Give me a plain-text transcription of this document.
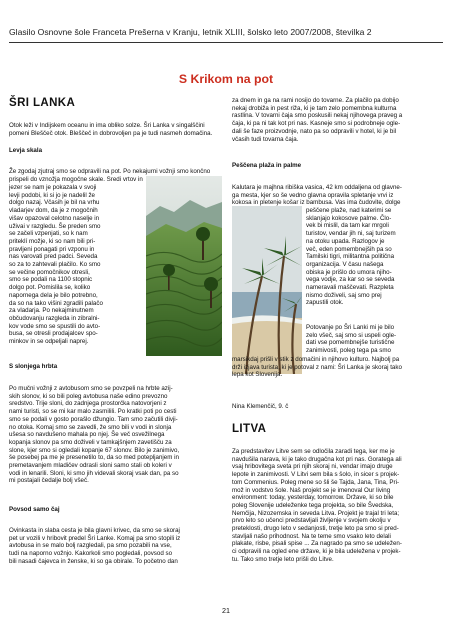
Glasilo Osnovne šole Franceta Prešerna v Kranju, letnik XLIII, šolsko leto 2007/2008, številka 2
S Krikom na pot
ŠRI LANKA
Otok leži v Indijskem oceanu in ima obliko solze. Šri Lanka v singalščini pomeni Bleščeč otok. Bleščeč in dobrovoljen pa je tudi nasmeh domačina.
Levja skala
Že zgodaj zjutraj smo se odpravili na pot. Po nekajurni vožnji smo končno prispeli do vznožja mogočne skale. Sredi vrtov in
jezer se nam je pokazala v svoji
levji podobi, ki si jo je nadelil že
dolgo nazaj. Včasih je bil na vrhu
vladarjev dom, da je z mogočnih
višav opazoval celotno naselje in
uživai v razgledu. Še preden smo
se začeli vzpenjati, so k nam
priteklí možje, ki so nam bili pri-
pravljeni ponagati pri vzponu in
nas varovati pred padci. Seveda
so za to zahtevali plačilo. Ko smo
se večine pomočnikov otresli,
smo se podali na 1100 stopnic
dolgo pot. Pomislila se, koliko
napornega dela je bilo potrebno,
da so na tako višini zgradili palačo
za vladarja. Po nekajminutnem
občudovanju razgleda in zibralni-
kov vode smo se spustili do avto-
busa, se otresli prodajalcev spo-
minkov in se odpeljali naprej.
S slonjega hrbta
Po mučni vožnji z avtobusom smo se povzpeli na hrbte azij-
skih slonov, ki so bili poleg avtobusa naše edino prevozno
sredstvo. Trije sloni, do zadnjega prostorčka natovorjeni z
nami turisti, so se mi kar malo zasmilili. Po kratki poti po cesti
smo se podali v gosto porašlo džungio. Tam smo začutili divji-
no otoka. Komaj smo se zavedli, že smo bili v vodi in slonja
ušesa so navdušeno mahala po njej. Še več osvežilnega
kopanja slonov pa smo doživeli v tamkajšnjem zavetišču za
slone, kjer smo si ogledali kopanje 67 slonov. Bilo je zanimivo,
še posebej pa me je presenetilo to, da so med potepljanjem in
premetavanjem mladičev odrasli sloni samo stali ob koleri v
vodi in lenarili. Sloni, ki smo jih videvali skoraj vsak dan, pa so
mi postajali čedalje bolj všeč.
Povsod samo čaj
Ovinkasta in slaba cesta je bila glavni krivec, da smo se skoraj
pet ur vozili v hribovit predel Šri Lanke. Komaj pa smo stopili iz
avtobusa in se malo bolj razgledali, pa smo pozabili na vse,
tudi na naporno vožnjo. Kakorkoli smo pogledali, povsod so
bili nasadi čajevca in ženske, ki so ga obirale. To početno dan
za dnem in ga na rami nosijo do tovarne. Za plačilo pa dobijo
nekaj drobiža in pest riža, ki je tam zelo pomembna kulturna
rastlina. V tovarni čaja smo poskusili nekaj njihovega praveg a
čaja, ki pa ni tak kot pri nas. Kasneje smo si podrobneje ogle-
dali še faze proizvodnje, nato pa so odpravili v hotel, ki je bil
včasih tudi tovarna čaja.
Peščena plaža in palme
Kalutara je majhna ribiška vasica, 42 km oddaljena od glavne-
ga mesta, kjer so še vedno glavna opravila spletanje vrvi iz
kokosa in pletenje košar iz bambusa. Vas ima čudovite, dolge
peščene plaže, nad katerimi se
sklanjajo kokosove palme. Člo-
vek bi mislil, da tam kar mrgoli
turistov, vendar jih ni, saj turizem
na otoku upada. Razlogov je
več, eden pomembnejših pa so
Tamilski tigri, militantna politična
organizacija. V času našega
obiska je prišlo do umora njiho-
vega vodje, za kar so se seveda
nameravali maščevati. Razpleta
nismo doživeli, saj smo prej
zapustili otok.
Potovanje po Šri Lanki mi je bilo
zelo všeč, saj smo si uspeli ogle-
dati vse pomembnejše turistične
zanimivosti, poleg tega pa smo
marsikdaj prišli v stik z domačini in njihovo kulturo. Najbolj pa
drži izjava turista, ki je potoval z nami: Šri Lanka je skoraj tako
lepa kot Slovenija.
Nina Klemenčič, 9. č
LITVA
Za predstavitev Litve sem se odločila zaradi tega, ker me je
navdušila narava, ki je tako drugačna kot pri nas. Goratega ali
vsaj hribovitega sveta pri njih skoraj ni, vendar imajo druge
lepote in zanimivosti. V Litvi sem bila s šolo, in sicer s projek-
tom Commenius. Poleg mene so šli še Tajda, Jana, Tina, Pri-
mož in vodstvo šole. Naš projekt se je imenoval Our living
environment: today, yesterday, tomorrow. Države, ki so bile
poleg Slovenije udeleženke tega projekta, so bile Švedska,
Nemčija, Nizozemska in seveda Litva. Projekt je trajal tri leta;
prvo leto so učenci predstavljali življenje v svojem okolju v
preteklosti, drugo leto v sedanjosti, tretje leto pa smo si pred-
stavljali našo prihodnost. Na te teme smo vsako leto delali
plakate, risbe, pisali spise ... Za nagrado pa smo se udeležen-
ci odpravili na ogled ene države, ki je bila udeležena v projek-
tu. Tako smo tretje leto prišli do Litve.
21
